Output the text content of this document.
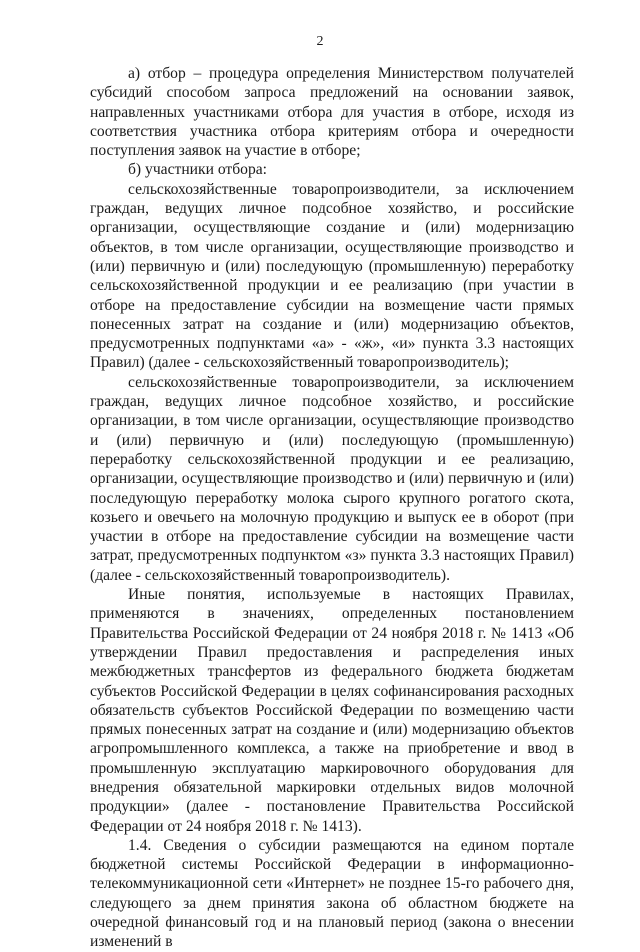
2

а) отбор – процедура определения Министерством получателей субсидий способом запроса предложений на основании заявок, направленных участниками отбора для участия в отборе, исходя из соответствия участника отбора критериям отбора и очередности поступления заявок на участие в отборе;

б) участники отбора:

сельскохозяйственные товаропроизводители, за исключением граждан, ведущих личное подсобное хозяйство, и российские организации, осуществляющие создание и (или) модернизацию объектов, в том числе организации, осуществляющие производство и (или) первичную и (или) последующую (промышленную) переработку сельскохозяйственной продукции и ее реализацию (при участии в отборе на предоставление субсидии на возмещение части прямых понесенных затрат на создание и (или) модернизацию объектов, предусмотренных подпунктами «а» - «ж», «и» пункта 3.3 настоящих Правил) (далее - сельскохозяйственный товаропроизводитель);

сельскохозяйственные товаропроизводители, за исключением граждан, ведущих личное подсобное хозяйство, и российские организации, в том числе организации, осуществляющие производство и (или) первичную и (или) последующую (промышленную) переработку сельскохозяйственной продукции и ее реализацию, организации, осуществляющие производство и (или) первичную и (или) последующую переработку молока сырого крупного рогатого скота, козьего и овечьего на молочную продукцию и выпуск ее в оборот (при участии в отборе на предоставление субсидии на возмещение части затрат, предусмотренных подпунктом «з» пункта 3.3 настоящих Правил) (далее - сельскохозяйственный товаропроизводитель).

Иные понятия, используемые в настоящих Правилах, применяются в значениях, определенных постановлением Правительства Российской Федерации от 24 ноября 2018 г. № 1413 «Об утверждении Правил предоставления и распределения иных межбюджетных трансфертов из федерального бюджета бюджетам субъектов Российской Федерации в целях софинансирования расходных обязательств субъектов Российской Федерации по возмещению части прямых понесенных затрат на создание и (или) модернизацию объектов агропромышленного комплекса, а также на приобретение и ввод в промышленную эксплуатацию маркировочного оборудования для внедрения обязательной маркировки отдельных видов молочной продукции» (далее - постановление Правительства Российской Федерации от 24 ноября 2018 г. № 1413).

1.4. Сведения о субсидии размещаются на едином портале бюджетной системы Российской Федерации в информационно-телекоммуникационной сети «Интернет» не позднее 15-го рабочего дня, следующего за днем принятия закона об областном бюджете на очередной финансовый год и на плановый период (закона о внесении изменений в
